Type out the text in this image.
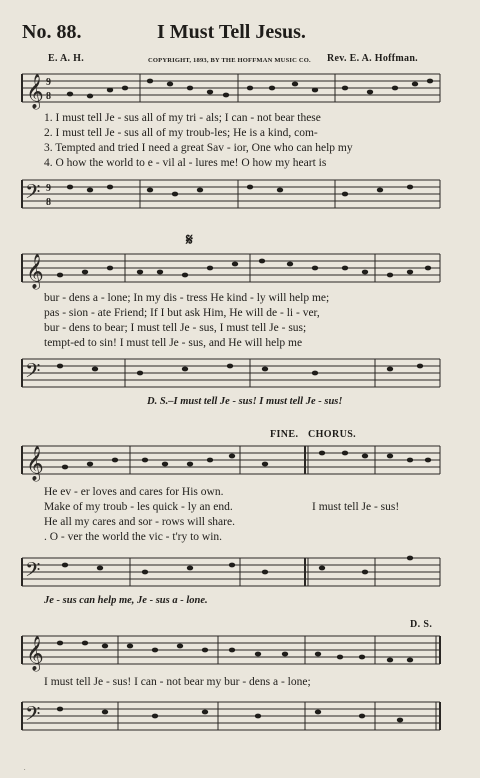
No. 88.	I Must Tell Jesus.
E. A. H.	COPYRIGHT, 1893, BY THE HOFFMAN MUSIC CO. Rev. E. A. Hoffman.
𝄞 9
8
1. I must tell Je - sus all of my tri - als; I can - not bear these
2. I must tell Je - sus all of my troub-les; He is a kind, com-
3. Tempted and tried I need a great Sav - ior, One who can help my
4. O how the world to e - vil al - lures me! O how my heart is
𝄢 9
8
𝄋
𝄞
bur - dens a - lone; In my dis - tress He kind - ly will help me;
pas - sion - ate Friend; If I but ask Him, He will de - li - ver,
bur - dens to bear; I must tell Je - sus, I must tell Je - sus;
tempt-ed to sin! I must tell Je - sus, and He will help me
𝄢
D. S.–I must tell Je - sus! I must tell Je - sus!
FINE. CHORUS.
𝄞
He ev - er loves and cares for His own.
Make of my troub - les quick - ly an end.
He all my cares and sor - rows will share.
. O - ver the world the vic - t'ry to win.
I must tell Je - sus!
𝄢
Je - sus can help me, Je - sus a - lone.
D. S.
𝄞
I must tell Je - sus! I can - not bear my bur - dens a - lone;
𝄢
.
